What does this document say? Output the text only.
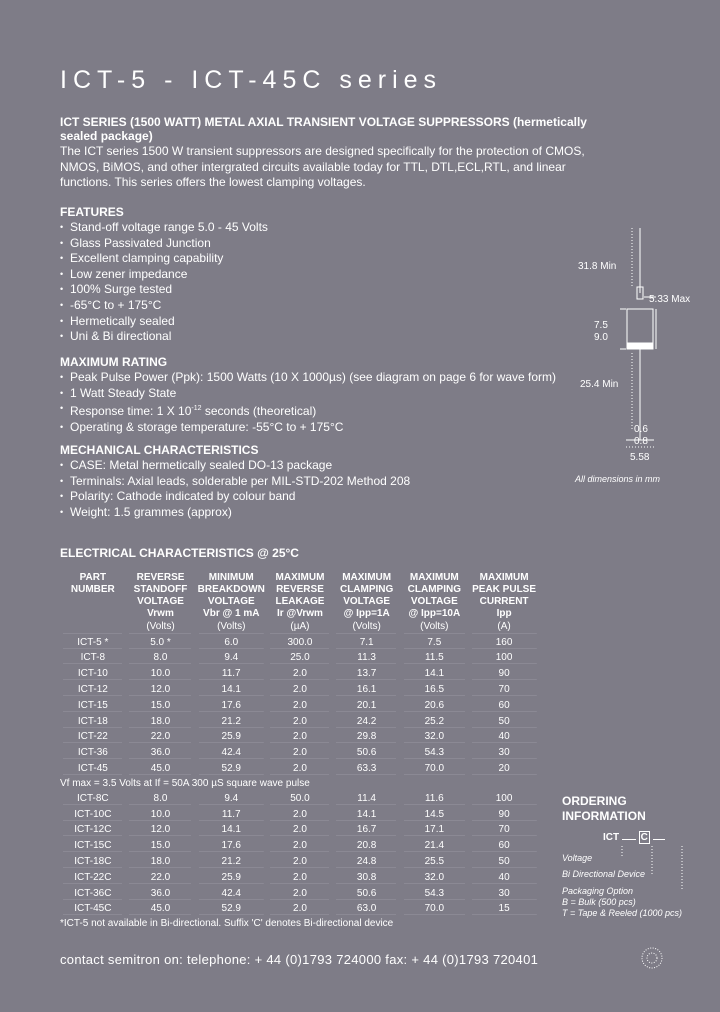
ICT-5 - ICT-45C series
ICT SERIES (1500 WATT) METAL AXIAL TRANSIENT VOLTAGE SUPPRESSORS (hermetically sealed package)

The ICT series 1500 W transient suppressors are designed specifically for the protection of CMOS, NMOS, BiMOS, and other intergrated circuits available today for TTL, DTL,ECL,RTL, and linear functions. This series offers the lowest clamping voltages.

FEATURES
• Stand-off voltage range 5.0 - 45 Volts
• Glass Passivated Junction
• Excellent clamping capability
• Low zener impedance
• 100% Surge tested
• -65°C to + 175°C
• Hermetically sealed
• Uni & Bi directional
MAXIMUM RATING
• Peak Pulse Power (Ppk): 1500 Watts (10 X 1000µs) (see diagram on page 6 for wave form)
• 1 Watt Steady State
• Response time: 1 X $10^{-12}$ seconds (theoretical)
• Operating & storage temperature: -55°C to + 175°C
MECHANICAL CHARACTERISTICS
• CASE: Metal hermetically sealed DO-13 package
• Terminals: Axial leads, solderable per MIL-STD-202 Method 208
• Polarity: Cathode indicated by colour band
• Weight: 1.5 grammes (approx)
31.8 Min
5.33 Max
7.5
9.0
25.4 Min
0.6
0.8
5.58
All dimensions in mm
ELECTRICAL CHARACTERISTICS @ 25°C
PART	REVERSE	MINIMUM	MAXIMUM	MAXIMUM	MAXIMUM	MAXIMUM
NUMBER	STANDOFF	BREAKDOWN	REVERSE	CLAMPING	CLAMPING	PEAK PULSE
	VOLTAGE	VOLTAGE	LEAKAGE	VOLTAGE	VOLTAGE	CURRENT
	Vrwm	Vbr @ 1 mA	Ir @Vrwm	@ Ipp=1A	@ Ipp=10A	Ipp
	(Volts)	(Volts)	(µA)	(Volts)	(Volts)	(A)
ICT-5 *	5.0 *	6.0	300.0	7.1	7.5	160
ICT-8	8.0	9.4	25.0	11.3	11.5	100
ICT-10	10.0	11.7	2.0	13.7	14.1	90
ICT-12	12.0	14.1	2.0	16.1	16.5	70
ICT-15	15.0	17.6	2.0	20.1	20.6	60
ICT-18	18.0	21.2	2.0	24.2	25.2	50
ICT-22	22.0	25.9	2.0	29.8	32.0	40
ICT-36	36.0	42.4	2.0	50.6	54.3	30
ICT-45	45.0	52.9	2.0	63.3	70.0	20
Vf max = 3.5 Volts at If = 50A 300 µS square wave pulse						
ICT-8C	8.0	9.4	50.0	11.4	11.6	100
ICT-10C	10.0	11.7	2.0	14.1	14.5	90
ICT-12C	12.0	14.1	2.0	16.7	17.1	70
ICT-15C	15.0	17.6	2.0	20.8	21.4	60
ICT-18C	18.0	21.2	2.0	24.8	25.5	50
ICT-22C	22.0	25.9	2.0	30.8	32.0	40
ICT-36C	36.0	42.4	2.0	50.6	54.3	30
ICT-45C	45.0	52.9	2.0	63.0	70.0	15
ORDERING
INFORMATION
ICT C
Voltage
Bi Directional Device
Packaging Option
B = Bulk (500 pcs)
T = Tape & Reeled (1000 pcs)
*ICT-5 not available in Bi-directional. Suffix 'C' denotes Bi-directional device
contact semitron on: telephone: + 44 (0)1793 724000 fax: + 44 (0)1793 720401
